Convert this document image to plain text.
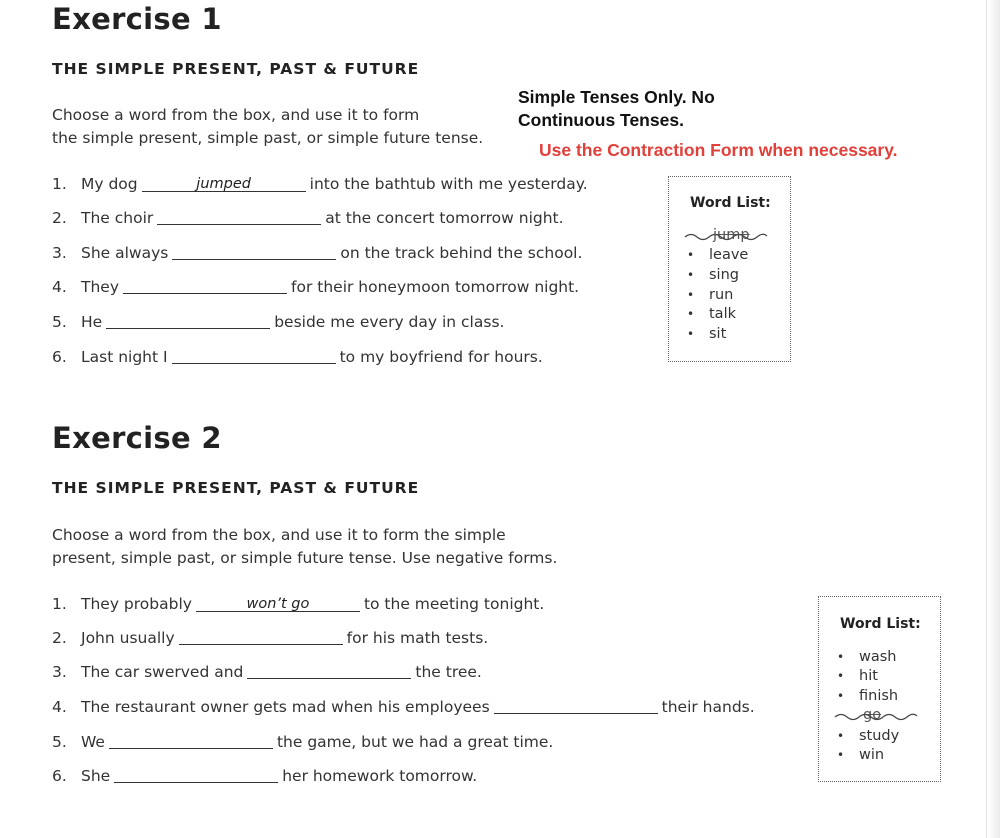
Exercise 1
THE SIMPLE PRESENT, PAST & FUTURE
Choose a word from the box, and use it to form
the simple present, simple past, or simple future tense.
Simple Tenses Only. No
Continuous Tenses.
Use the Contraction Form when necessary.
1. My dog	jumped	into the bathtub with me yesterday.
2. The choir	at the concert tomorrow night.
3. She always	on the track behind the school.
4. They	for their honeymoon tomorrow night.
5. He	beside me every day in class.
6. Last night I	to my boyfriend for hours.
Word List:
jump
• leave
• sing
• run
• talk
• sit
Exercise 2
THE SIMPLE PRESENT, PAST & FUTURE
Choose a word from the box, and use it to form the simple
present, simple past, or simple future tense. Use negative forms.
1. They probably	won’t go	to the meeting tonight.
2. John usually	for his math tests.
3. The car swerved and	the tree.
4. The restaurant owner gets mad when his employees	their hands.
5. We	the game, but we had a great time.
6. She	her homework tomorrow.
Word List:
• wash
• hit
• finish
go
• study
• win
